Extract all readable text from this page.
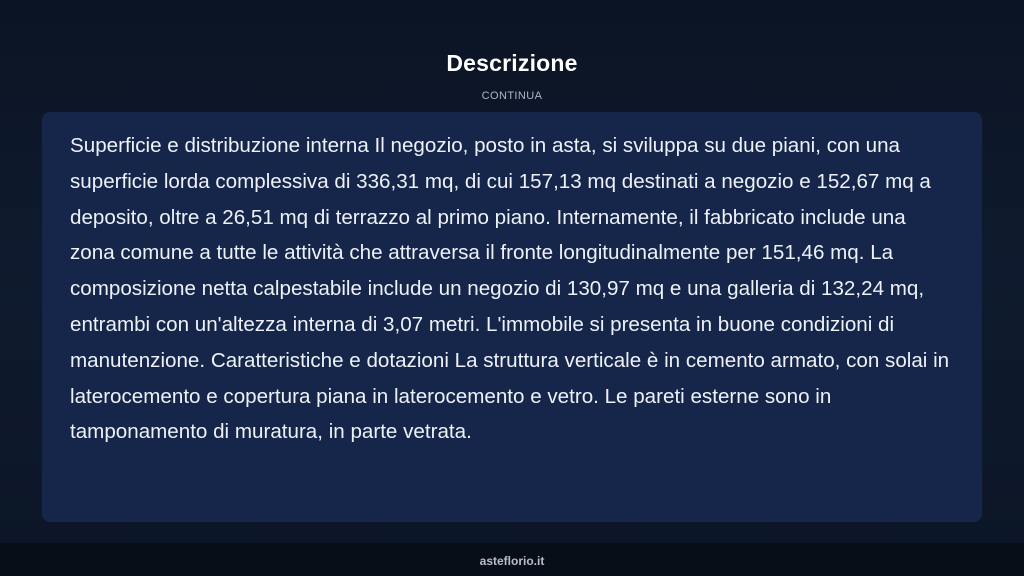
Descrizione
CONTINUA

Superficie e distribuzione interna Il negozio, posto in asta, si sviluppa su due piani, con una superficie lorda complessiva di 336,31 mq, di cui 157,13 mq destinati a negozio e 152,67 mq a deposito, oltre a 26,51 mq di terrazzo al primo piano. Internamente, il fabbricato include una zona comune a tutte le attività che attraversa il fronte longitudinalmente per 151,46 mq. La composizione netta calpestabile include un negozio di 130,97 mq e una galleria di 132,24 mq, entrambi con un'altezza interna di 3,07 metri. L'immobile si presenta in buone condizioni di manutenzione. Caratteristiche e dotazioni La struttura verticale è in cemento armato, con solai in laterocemento e copertura piana in laterocemento e vetro. Le pareti esterne sono in tamponamento di muratura, in parte vetrata.

asteflorio.it
